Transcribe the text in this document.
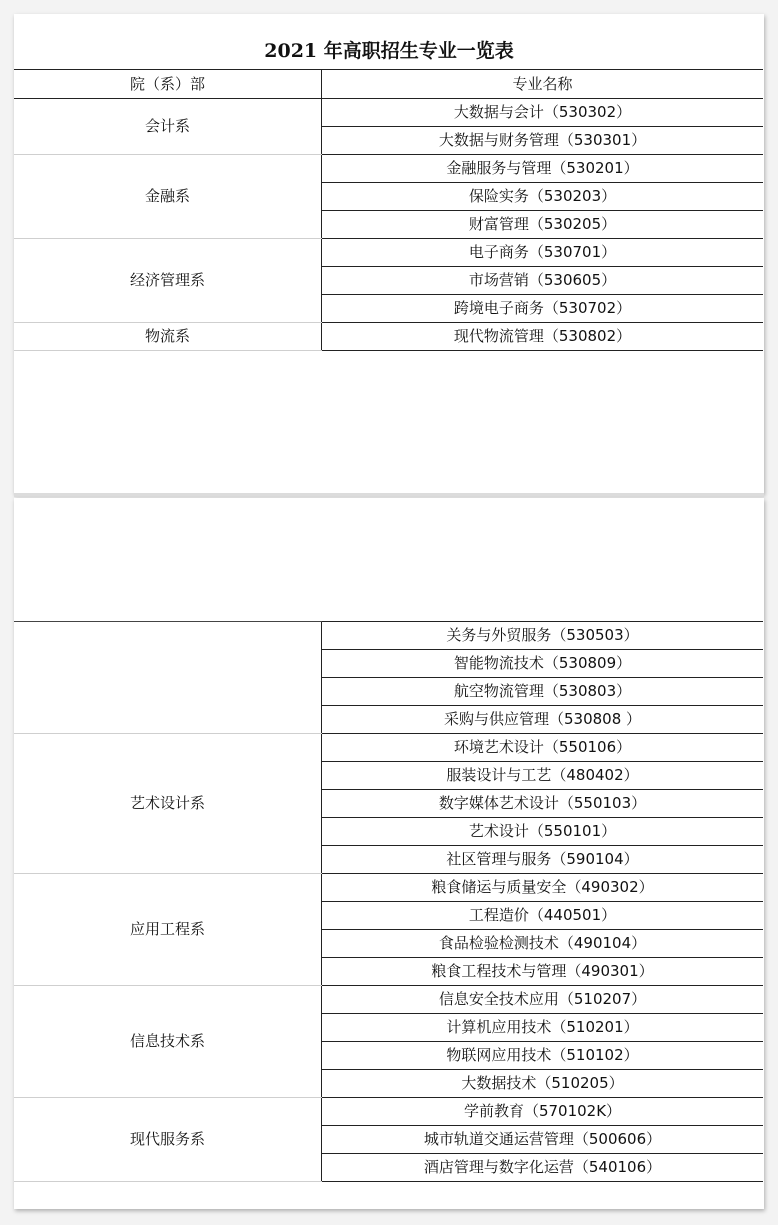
2021 年高职招生专业一览表
院（系）部	专业名称
会计系	大数据与会计（530302）
	大数据与财务管理（530301）
金融系	金融服务与管理（530201）
	保险实务（530203）
	财富管理（530205）
经济管理系	电子商务（530701）
	市场营销（530605）
	跨境电子商务（530702）
物流系	现代物流管理（530802）
	关务与外贸服务（530503）
	智能物流技术（530809）
	航空物流管理（530803）
	采购与供应管理（530808 ）
艺术设计系	环境艺术设计（550106）
	服装设计与工艺（480402）
	数字媒体艺术设计（550103）
	艺术设计（550101）
	社区管理与服务（590104）
应用工程系	粮食储运与质量安全（490302）
	工程造价（440501）
	食品检验检测技术（490104）
	粮食工程技术与管理（490301）
信息技术系	信息安全技术应用（510207）
	计算机应用技术（510201）
	物联网应用技术（510102）
	大数据技术（510205）
现代服务系	学前教育（570102K）
	城市轨道交通运营管理（500606）
	酒店管理与数字化运营（540106）
